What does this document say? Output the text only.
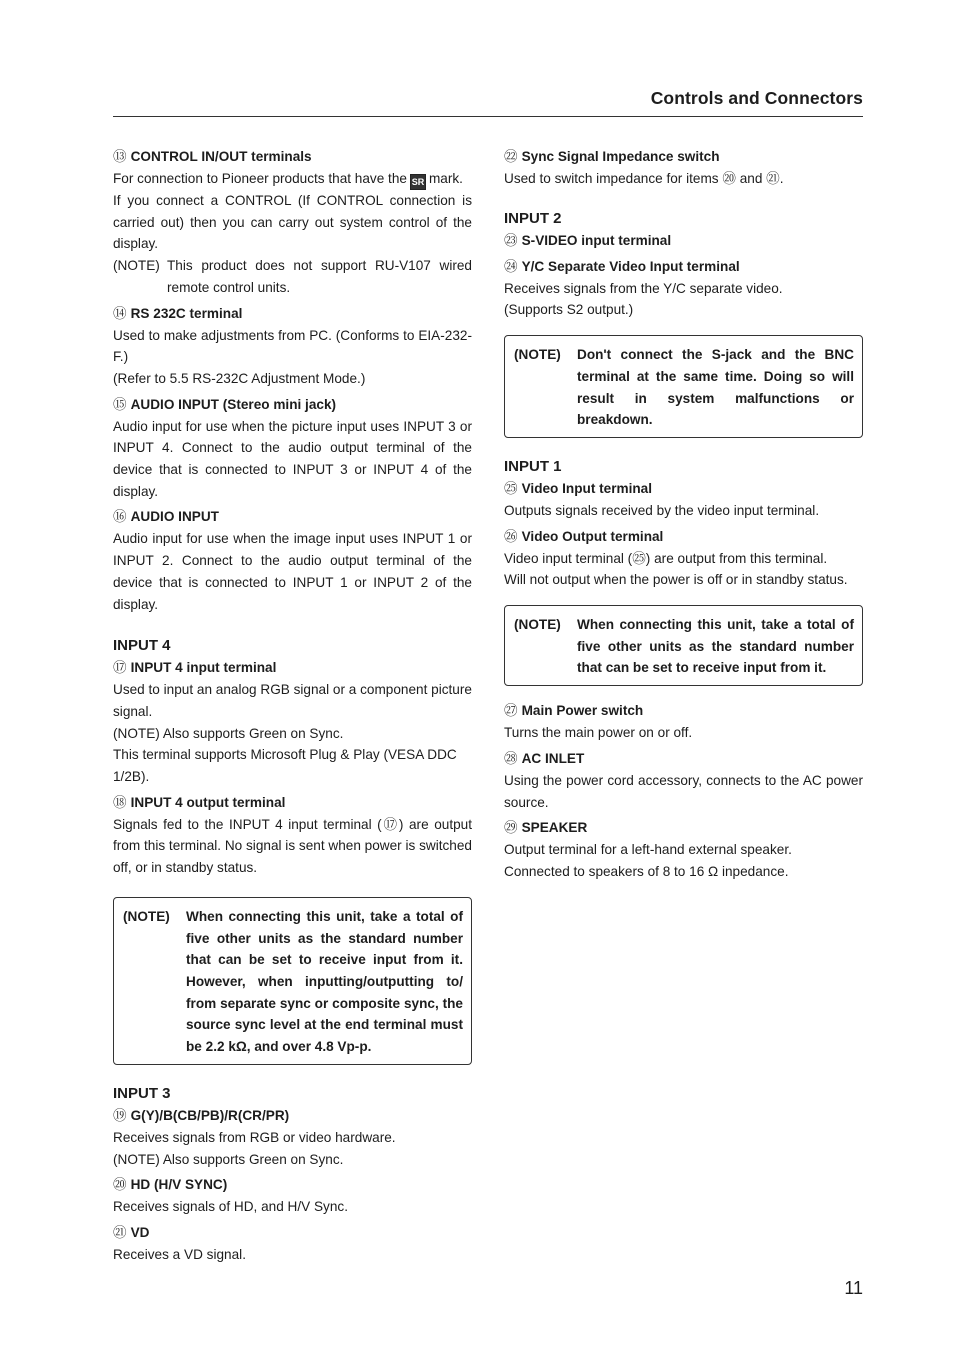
Controls and Connectors
⑬ CONTROL IN/OUT terminals

For connection to Pioneer products that have the SR mark.

If you connect a CONTROL (If CONTROL connection is carried out) then you can carry out system control of the display.

(NOTE) This product does not support RU-V107 wired remote control units.
⑭ RS 232C terminal

Used to make adjustments from PC. (Conforms to EIA-232-F.)

(Refer to 5.5 RS-232C Adjustment Mode.)

⑮ AUDIO INPUT (Stereo mini jack)

Audio input for use when the picture input uses INPUT 3 or INPUT 4. Connect to the audio output terminal of the device that is connected to INPUT 3 or INPUT 4 of the display.

⑯ AUDIO INPUT

Audio input for use when the image input uses INPUT 1 or INPUT 2. Connect to the audio output terminal of the device that is connected to INPUT 1 or INPUT 2 of the display.

INPUT 4
⑰ INPUT 4 input terminal

Used to input an analog RGB signal or a component picture signal.

(NOTE) Also supports Green on Sync.

This terminal supports Microsoft Plug & Play (VESA DDC 1/2B).

⑱ INPUT 4 output terminal

Signals fed to the INPUT 4 input terminal (⑰) are output from this terminal. No signal is sent when power is switched off, or in standby status.

(NOTE)	When connecting this unit, take a total of five other units as the standard number that can be set to receive input from it. However, when inputting/outputting to/ from separate sync or composite sync, the source sync level at the end terminal must be 2.2 kΩ, and over 4.8 Vp-p.
INPUT 3
⑲ G(Y)/B(CB/PB)/R(CR/PR)

Receives signals from RGB or video hardware.

(NOTE) Also supports Green on Sync.

⑳ HD (H/V SYNC)

Receives signals of HD, and H/V Sync.

㉑ VD

Receives a VD signal.

㉒ Sync Signal Impedance switch

Used to switch impedance for items ⑳ and ㉑.

INPUT 2
㉓ S-VIDEO input terminal
㉔ Y/C Separate Video Input terminal

Receives signals from the Y/C separate video.

(Supports S2 output.)

(NOTE)	Don't connect the S-jack and the BNC terminal at the same time. Doing so will result in system malfunctions or breakdown.
INPUT 1
㉕ Video Input terminal

Outputs signals received by the video input terminal.

㉖ Video Output terminal

Video input terminal (㉕) are output from this terminal.

Will not output when the power is off or in standby status.

(NOTE)	When connecting this unit, take a total of five other units as the standard number that can be set to receive input from it.
㉗ Main Power switch

Turns the main power on or off.

㉘ AC INLET

Using the power cord accessory, connects to the AC power source.

㉙ SPEAKER

Output terminal for a left-hand external speaker.

Connected to speakers of 8 to 16 Ω inpedance.

11
